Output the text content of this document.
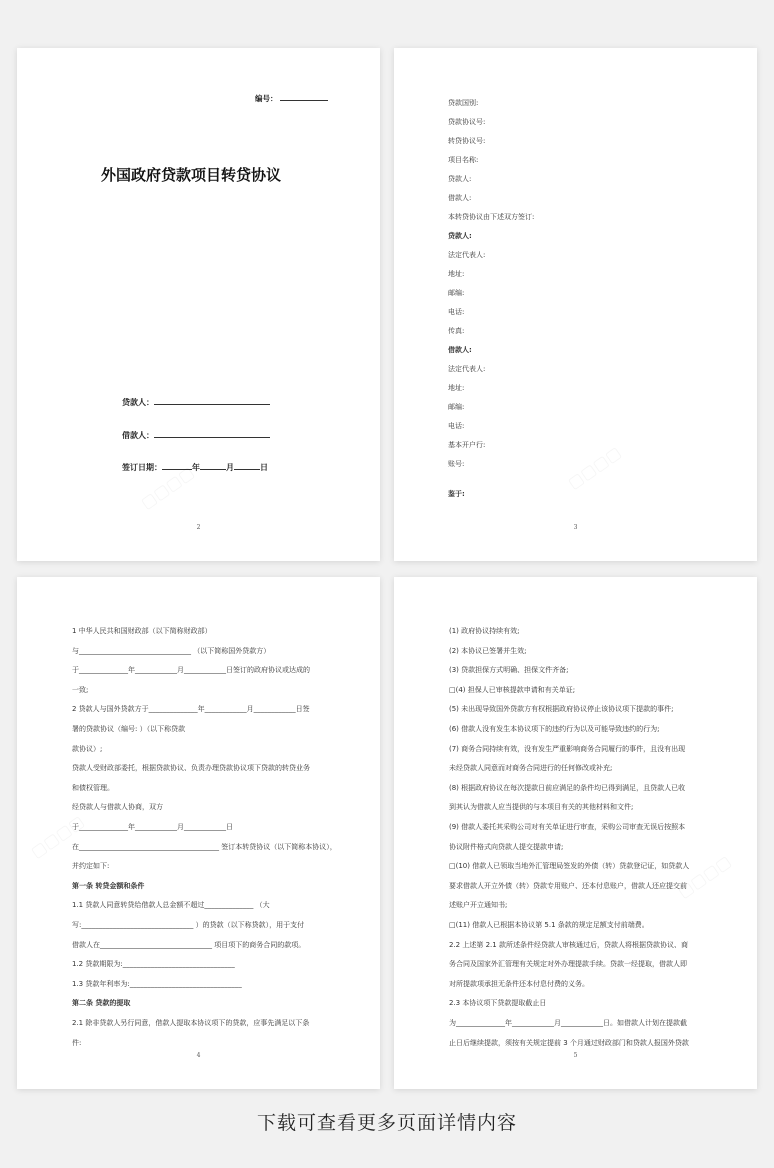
编号：
外国政府贷款项目转贷协议
贷款人：
借款人：
签订日期：	年	月	日
2
贷款国别:
贷款协议号:
转贷协议号:
项目名称:
贷款人:
借款人:
本转贷协议由下述双方签订:
贷款人:
法定代表人:
地址:
邮编:
电话:
传真:
借款人:
法定代表人:
地址:
邮编:
电话:
基本开户行:
账号:
鉴于:
3
1 中华人民共和国财政部（以下简称财政部）
与________________________________ （以下简称国外贷款方）
于______________年____________月____________日签订的政府协议或达成的
一致;
2 贷款人与国外贷款方于______________年____________月____________日签
署的贷款协议（编号: ）（以下称贷款
款协议）;
贷款人受财政部委托，根据贷款协议、负责办理贷款协议项下贷款的转贷业务
和债权管理。
经贷款人与借款人协商，双方
于______________年____________月____________日
在________________________________________ 签订本转贷协议（以下简称本协议），
并约定如下:
第一条 转贷金额和条件
1.1 贷款人同意转贷给借款人总金额不超过______________ （大
写:________________________________ ）的贷款（以下称贷款），用于支付
借款人在________________________________ 项目项下的商务合同的款项。
1.2 贷款期限为:________________________________
1.3 贷款年利率为:________________________________
第二条 贷款的提取
2.1 除非贷款人另行同意，借款人提取本协议项下的贷款，应事先满足以下条
件:
4
(1) 政府协议持续有效;
(2) 本协议已签署并生效;
(3) 贷款担保方式明确、担保文件齐备;
□(4) 担保人已审核提款申请和有关单证;
(5) 未出现导致国外贷款方有权根据政府协议停止该协议项下提款的事件;
(6) 借款人没有发生本协议项下的违约行为以及可能导致违约的行为;
(7) 商务合同持续有效，没有发生严重影响商务合同履行的事件，且没有出现
未经贷款人同意而对商务合同进行的任何修改或补充;
(8) 根据政府协议在每次提款日前应满足的条件均已得到满足，且贷款人已收
到其认为借款人应当提供的与本项目有关的其他材料和文件;
(9) 借款人委托其采购公司对有关单证进行审查，采购公司审查无误后按照本
协议附件格式向贷款人提交提款申请;
□(10) 借款人已领取当地外汇管理局签发的外债（转）贷款登记证，如贷款人
要求借款人开立外债（转）贷款专用账户、还本付息账户，借款人还应提交前
述账户开立通知书;
□(11) 借款人已根据本协议第 5.1 条款的规定足额支付前端费。
2.2 上述第 2.1 款所述条件经贷款人审核通过后，贷款人将根据贷款协议、商
务合同及国家外汇管理有关规定对外办理提款手续。贷款一经提取，借款人即
对所提款项承担无条件还本付息付费的义务。
2.3 本协议项下贷款提取截止日
为______________年____________月____________日。如借款人计划在提款截
止日后继续提款，须按有关规定提前 3 个月通过财政部门和贷款人报国外贷款
5
下载可查看更多页面详情内容
